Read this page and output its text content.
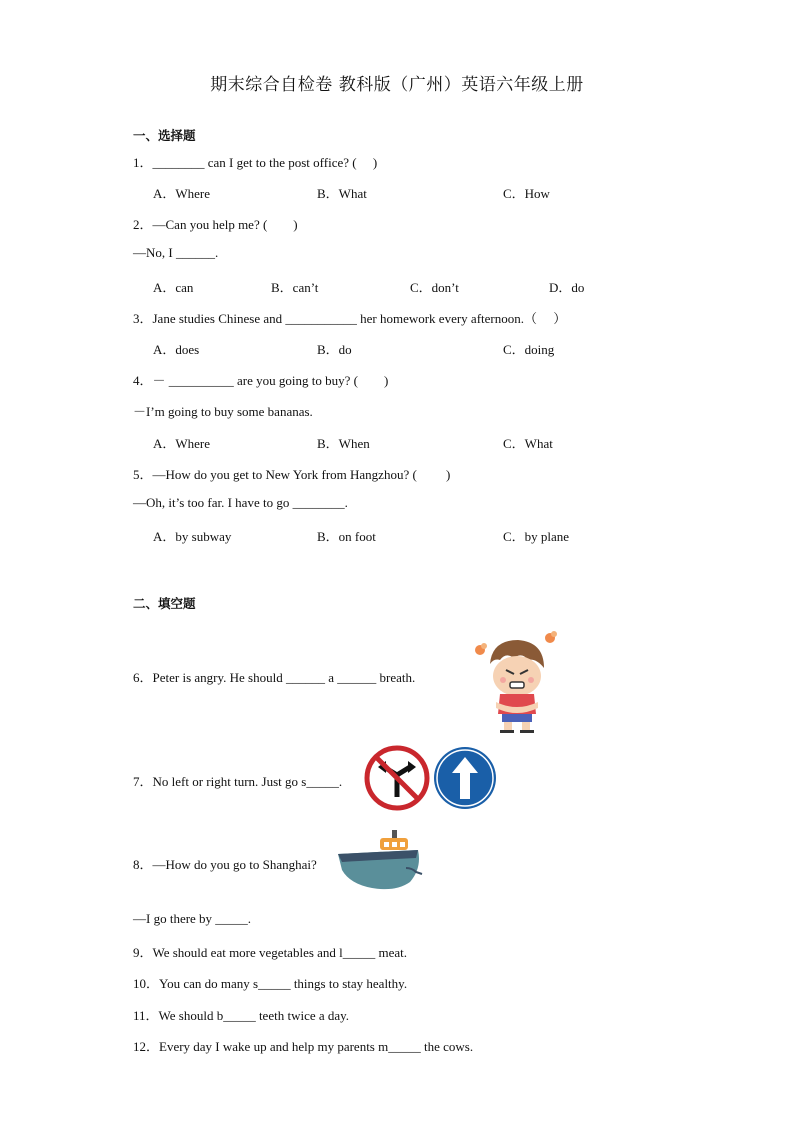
期末综合自检卷 教科版（广州）英语六年级上册
一、选择题
1．________ can I get to the post office? (　 )
A．Where	B．What	C．How
2．—Can you help me? (　　)
—No, I ______.
A．can	B．can’t	C．don’t	D．do
3．Jane studies Chinese and ___________ her homework every afternoon.（　 ）
A．does	B．do	C．doing
4．－ __________ are you going to buy? (　　)
－I’m going to buy some bananas.
A．Where	B．When	C．What
5．—How do you get to New York from Hangzhou? (　　 )
—Oh, it’s too far. I have to go ________.
A．by subway	B．on foot	C．by plane
二、填空题
6．Peter is angry. He should ______ a ______ breath.
7．No left or right turn. Just go s_____.
8．—How do you go to Shanghai?
—I go there by _____.
9．We should eat more vegetables and l_____ meat.
10．You can do many s_____ things to stay healthy.
11．We should b_____ teeth twice a day.
12．Every day I wake up and help my parents m_____ the cows.
